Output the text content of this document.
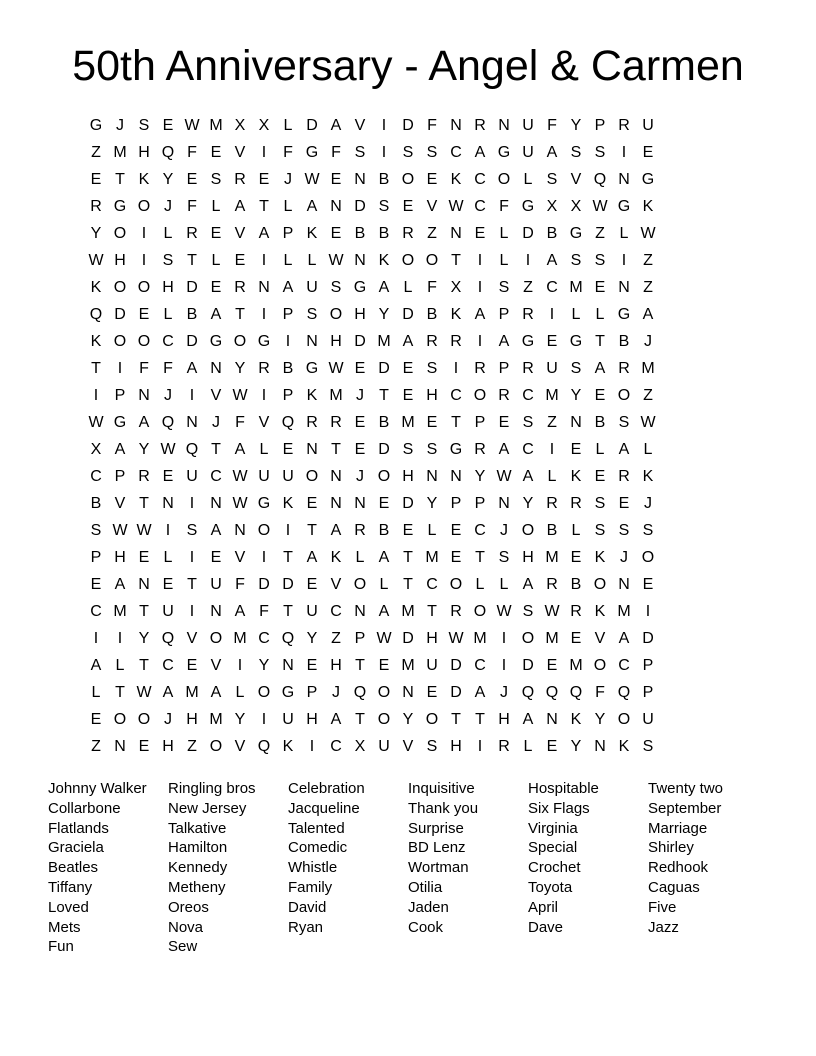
50th Anniversary - Angel & Carmen
G J S E W M X X L D A V	I	D F N R N U F Y P R U
Z M H Q F E V	I	F G F S	I	S S C A G U A S S	I	E
E T K Y E S R E J W E N B O E K C O L S V Q N G
R G O J F L A T L A N D S E V W C F G X X W G K
Y O I	L R E V A P K E B B R Z N E L D B G Z L W
W H I	S T L E	I	L L W N K O O T	I	L	I	A S S	I	Z
K O O H D E R N A U S G A L F X	I	S Z C M E N Z
Q D E L B A T	I	P S O H Y D B K A P R I	L L G A
K O O C D G O G I	N H D M A R R I	A G E G T B J
T	I	F F A N Y R B G W E D E S	I	R P R U S A R M
I	P N J	I	V W I	P K M J T E H C O R C M Y E O Z
W G A Q N J F V Q R R E B M E T P E S Z N B S W
X A Y W Q T A L E N T E D S S G R A C I	E L A L
C P R E U C W U U O N J O H N N Y W A L K E R K
B V T N I	N W G K E N N E D Y P P N Y R R S E J
S W W I	S A N O I	T A R B E L E C J O B L S S S
P H E L	I	E V	I	T A K L A T M E T S H M E K J O
E A N E T U F D D E V O L T C O L L A R B O N E
C M T U I	N A F T U C N A M T R O W S W R K M I
I	I	Y Q V O M C Q Y Z P W D H W M I O M E V A D
A L T C E V	I	Y N E H T E M U D C I	D E M O C P
L T W A M A L O G P J Q O N E D A J Q Q Q F Q P
E O O J H M Y	I	U H A T O Y O T T H A N K Y O U
Z N E H Z O V Q K	I	C X U V S H I	R L E Y N K S
Johnny Walker
Collarbone
Flatlands
Graciela
Beatles
Tiffany
Loved
Mets
Fun
Ringling bros
New Jersey
Talkative
Hamilton
Kennedy
Metheny
Oreos
Nova
Sew
Celebration
Jacqueline
Talented
Comedic
Whistle
Family
David
Ryan
Inquisitive
Thank you
Surprise
BD Lenz
Wortman
Otilia
Jaden
Cook
Hospitable
Six Flags
Virginia
Special
Crochet
Toyota
April
Dave
Twenty two
September
Marriage
Shirley
Redhook
Caguas
Five
Jazz
